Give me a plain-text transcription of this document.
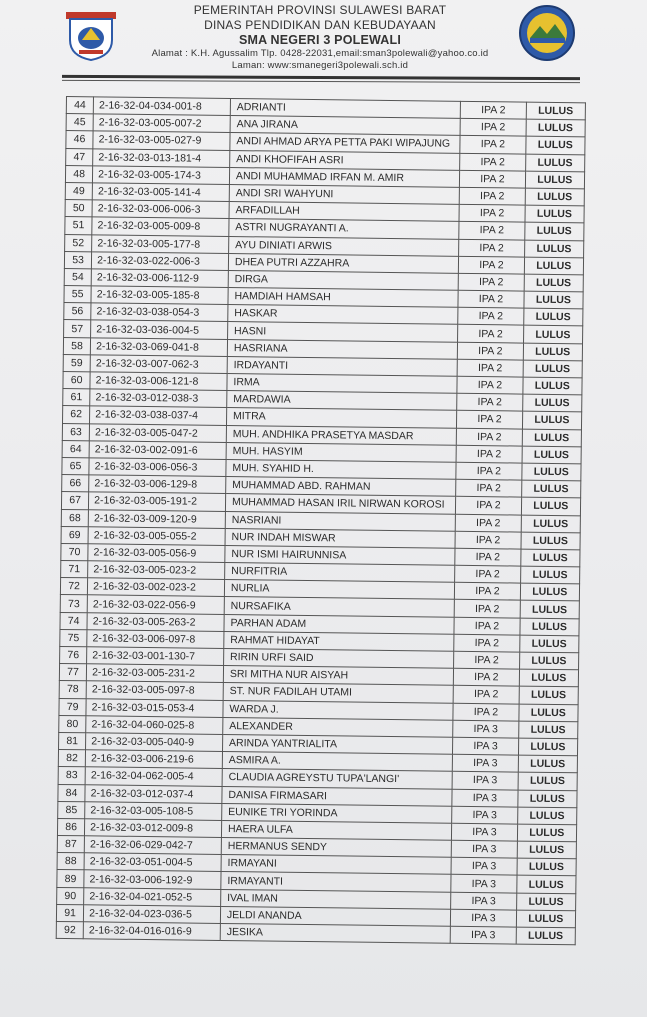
PEMERINTAH PROVINSI SULAWESI BARAT
DINAS PENDIDIKAN DAN KEBUDAYAAN
SMA NEGERI 3 POLEWALI
Alamat : K.H. Agussalim Tlp. 0428-22031,email:sman3polewali@yahoo.co.id
Laman: www:smanegeri3polewali.sch.id
44	2-16-32-04-034-001-8	ADRIANTI	IPA 2	LULUS
45	2-16-32-03-005-007-2	ANA JIRANA	IPA 2	LULUS
46	2-16-32-03-005-027-9	ANDI AHMAD ARYA PETTA PAKI WIPAJUNG	IPA 2	LULUS
47	2-16-32-03-013-181-4	ANDI KHOFIFAH ASRI	IPA 2	LULUS
48	2-16-32-03-005-174-3	ANDI MUHAMMAD IRFAN M. AMIR	IPA 2	LULUS
49	2-16-32-03-005-141-4	ANDI SRI WAHYUNI	IPA 2	LULUS
50	2-16-32-03-006-006-3	ARFADILLAH	IPA 2	LULUS
51	2-16-32-03-005-009-8	ASTRI NUGRAYANTI A.	IPA 2	LULUS
52	2-16-32-03-005-177-8	AYU DINIATI ARWIS	IPA 2	LULUS
53	2-16-32-03-022-006-3	DHEA PUTRI AZZAHRA	IPA 2	LULUS
54	2-16-32-03-006-112-9	DIRGA	IPA 2	LULUS
55	2-16-32-03-005-185-8	HAMDIAH HAMSAH	IPA 2	LULUS
56	2-16-32-03-038-054-3	HASKAR	IPA 2	LULUS
57	2-16-32-03-036-004-5	HASNI	IPA 2	LULUS
58	2-16-32-03-069-041-8	HASRIANA	IPA 2	LULUS
59	2-16-32-03-007-062-3	IRDAYANTI	IPA 2	LULUS
60	2-16-32-03-006-121-8	IRMA	IPA 2	LULUS
61	2-16-32-03-012-038-3	MARDAWIA	IPA 2	LULUS
62	2-16-32-03-038-037-4	MITRA	IPA 2	LULUS
63	2-16-32-03-005-047-2	MUH. ANDHIKA PRASETYA MASDAR	IPA 2	LULUS
64	2-16-32-03-002-091-6	MUH. HASYIM	IPA 2	LULUS
65	2-16-32-03-006-056-3	MUH. SYAHID H.	IPA 2	LULUS
66	2-16-32-03-006-129-8	MUHAMMAD ABD. RAHMAN	IPA 2	LULUS
67	2-16-32-03-005-191-2	MUHAMMAD HASAN IRIL NIRWAN KOROSI	IPA 2	LULUS
68	2-16-32-03-009-120-9	NASRIANI	IPA 2	LULUS
69	2-16-32-03-005-055-2	NUR INDAH MISWAR	IPA 2	LULUS
70	2-16-32-03-005-056-9	NUR ISMI HAIRUNNISA	IPA 2	LULUS
71	2-16-32-03-005-023-2	NURFITRIA	IPA 2	LULUS
72	2-16-32-03-002-023-2	NURLIA	IPA 2	LULUS
73	2-16-32-03-022-056-9	NURSAFIKA	IPA 2	LULUS
74	2-16-32-03-005-263-2	PARHAN ADAM	IPA 2	LULUS
75	2-16-32-03-006-097-8	RAHMAT HIDAYAT	IPA 2	LULUS
76	2-16-32-03-001-130-7	RIRIN URFI SAID	IPA 2	LULUS
77	2-16-32-03-005-231-2	SRI MITHA NUR AISYAH	IPA 2	LULUS
78	2-16-32-03-005-097-8	ST. NUR FADILAH UTAMI	IPA 2	LULUS
79	2-16-32-03-015-053-4	WARDA J.	IPA 2	LULUS
80	2-16-32-04-060-025-8	ALEXANDER	IPA 3	LULUS
81	2-16-32-03-005-040-9	ARINDA YANTRIALITA	IPA 3	LULUS
82	2-16-32-03-006-219-6	ASMIRA A.	IPA 3	LULUS
83	2-16-32-04-062-005-4	CLAUDIA AGREYSTU TUPA'LANGI'	IPA 3	LULUS
84	2-16-32-03-012-037-4	DANISA FIRMASARI	IPA 3	LULUS
85	2-16-32-03-005-108-5	EUNIKE TRI YORINDA	IPA 3	LULUS
86	2-16-32-03-012-009-8	HAERA ULFA	IPA 3	LULUS
87	2-16-32-06-029-042-7	HERMANUS SENDY	IPA 3	LULUS
88	2-16-32-03-051-004-5	IRMAYANI	IPA 3	LULUS
89	2-16-32-03-006-192-9	IRMAYANTI	IPA 3	LULUS
90	2-16-32-04-021-052-5	IVAL IMAN	IPA 3	LULUS
91	2-16-32-04-023-036-5	JELDI ANANDA	IPA 3	LULUS
92	2-16-32-04-016-016-9	JESIKA	IPA 3	LULUS
